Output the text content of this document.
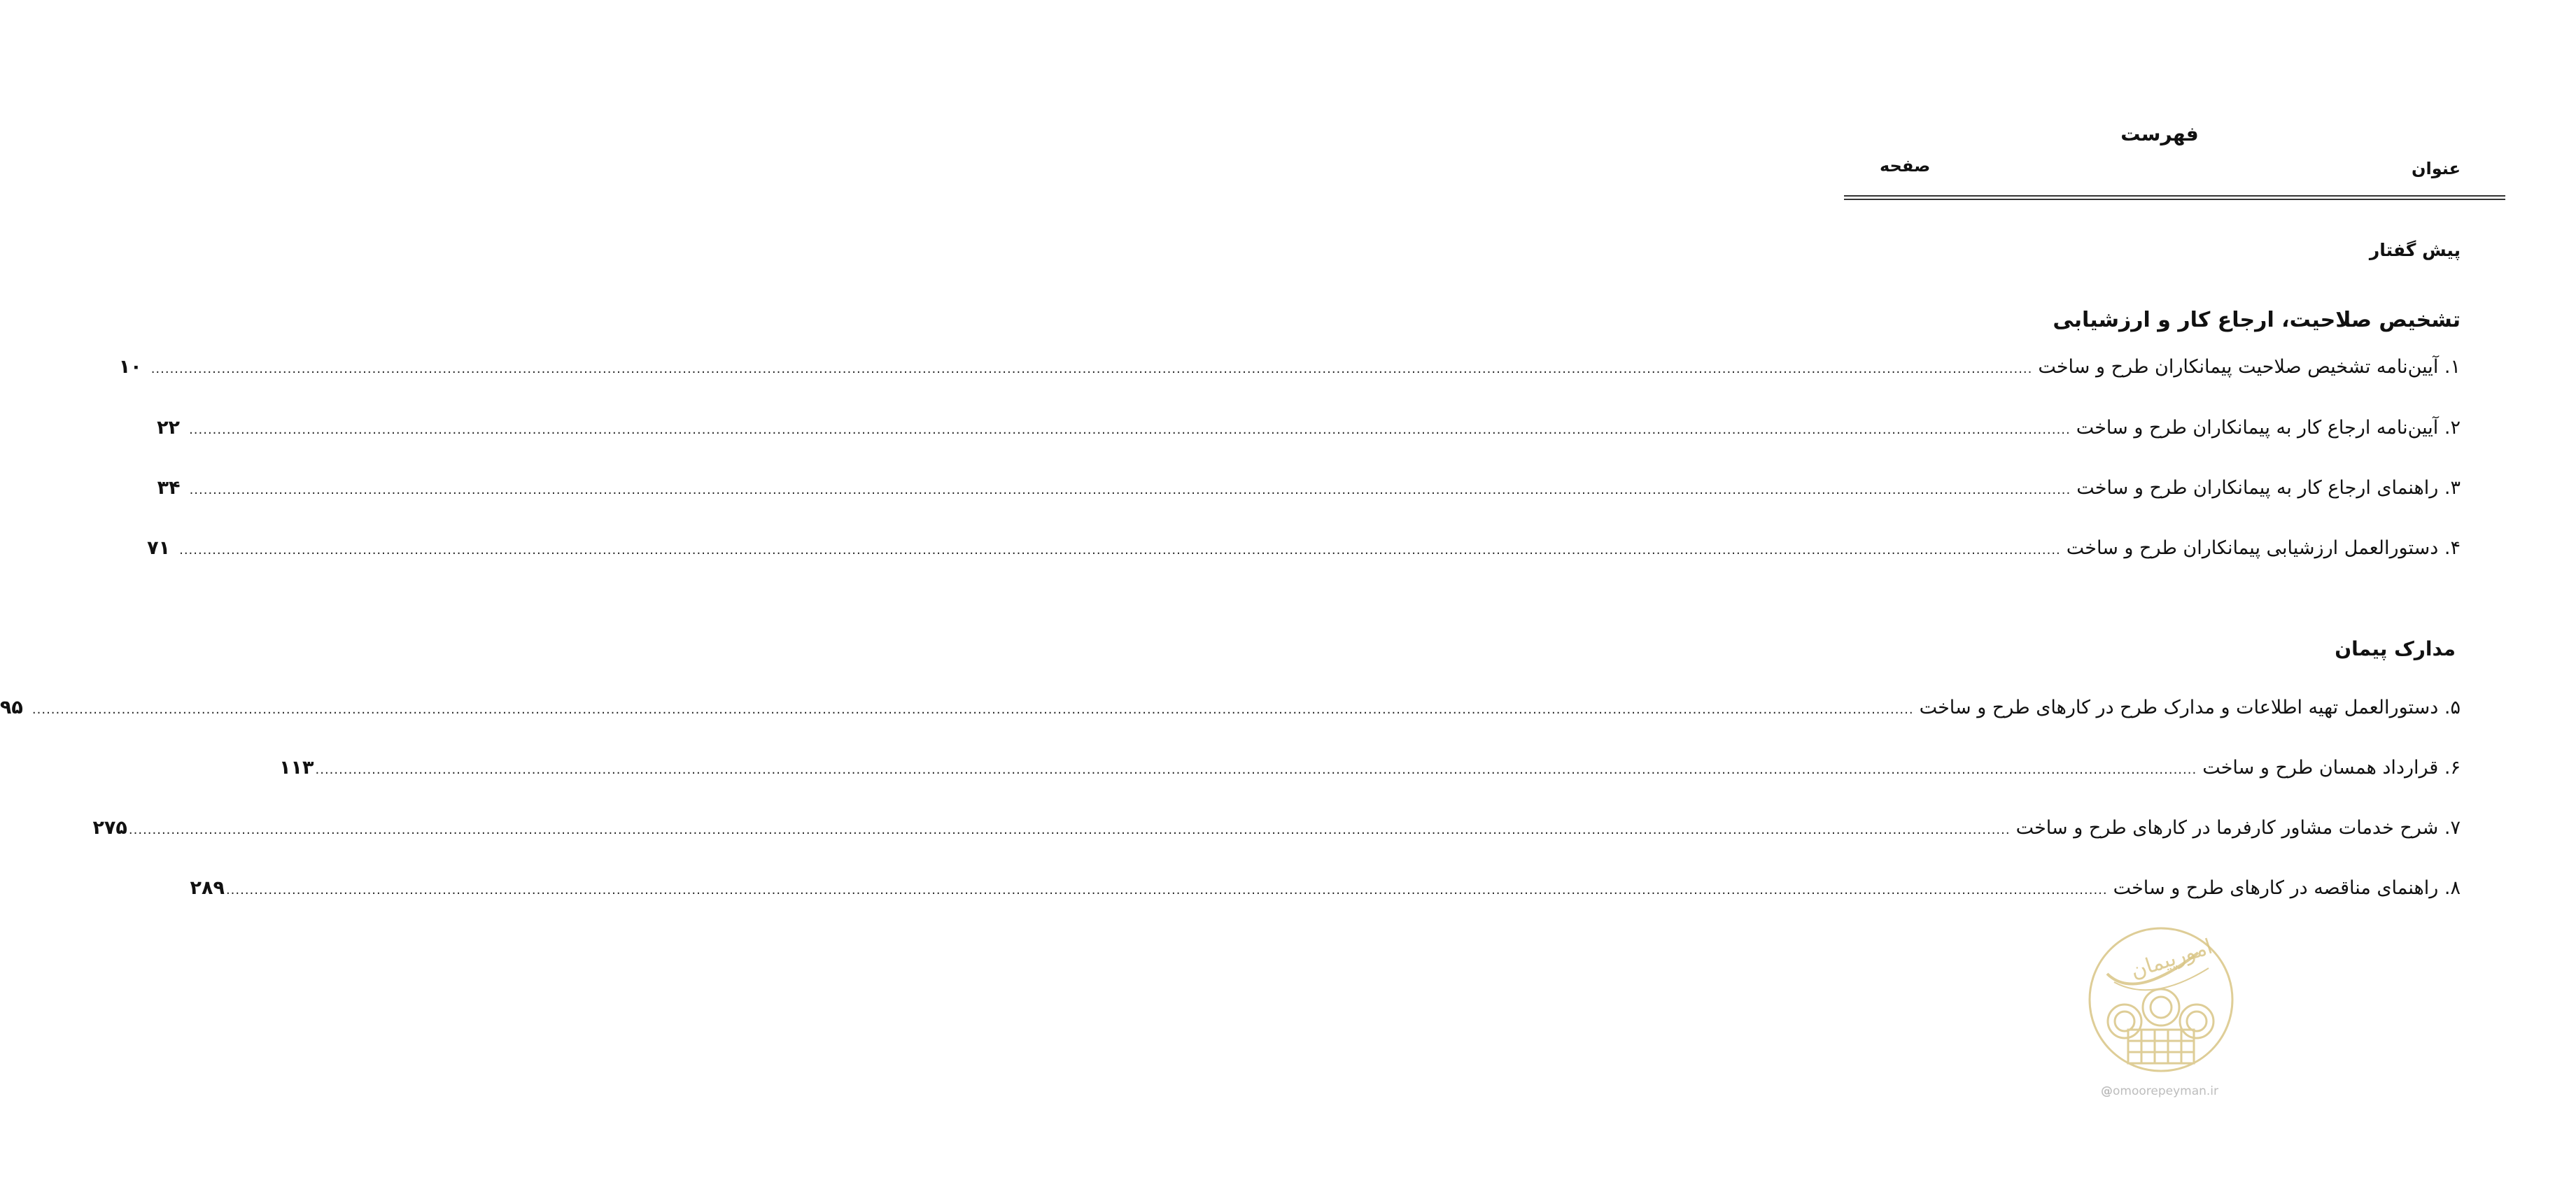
فهرست
عنوان
صفحه
پیش گفتار
تشخیص صلاحیت، ارجاع کار و ارزشیابی
۱. آیین‌نامه تشخیص صلاحیت پیمانکاران طرح و ساخت
................................................................................................................................................................................................................................................................................................................................................................................................................
۱۰
۲. آیین‌نامه ارجاع کار به پیمانکاران طرح و ساخت
................................................................................................................................................................................................................................................................................................................................................................................................................
۲۲
۳. راهنمای ارجاع کار به پیمانکاران طرح و ساخت
................................................................................................................................................................................................................................................................................................................................................................................................................
۳۴
۴. دستورالعمل ارزشیابی پیمانکاران طرح و ساخت
................................................................................................................................................................................................................................................................................................................................................................................................................
۷۱
مدارک پیمان
۵. دستورالعمل تهیه اطلاعات و مدارک طرح در کارهای طرح و ساخت
................................................................................................................................................................................................................................................................................................................................................................................................................
۹۵
۶. قرارداد همسان طرح و ساخت
................................................................................................................................................................................................................................................................................................................................................................................................................
۱۱۳
۷. شرح خدمات مشاور کارفرما در کارهای طرح و ساخت
................................................................................................................................................................................................................................................................................................................................................................................................................
۲۷۵
۸. راهنمای مناقصه در کارهای طرح و ساخت
................................................................................................................................................................................................................................................................................................................................................................................................................
۲۸۹
امورپیمان
@omoorepeyman.ir
